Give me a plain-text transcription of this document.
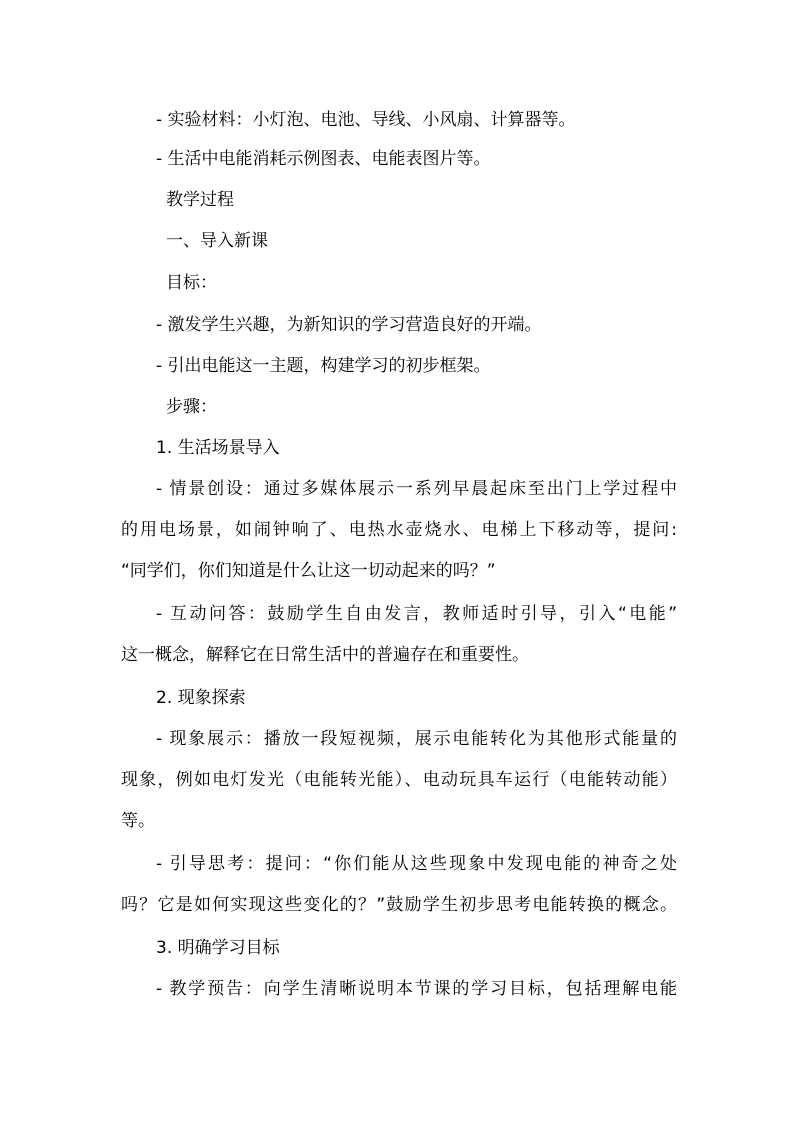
- 实验材料：小灯泡、电池、导线、小风扇、计算器等。
- 生活中电能消耗示例图表、电能表图片等。
教学过程
一、导入新课
目标：
- 激发学生兴趣，为新知识的学习营造良好的开端。
- 引出电能这一主题，构建学习的初步框架。
步骤：
1. 生活场景导入
- 情景创设：通过多媒体展示一系列早晨起床至出门上学过程中
的用电场景，如闹钟响了、电热水壶烧水、电梯上下移动等，提问:
“同学们，你们知道是什么让这一切动起来的吗？”
- 互动问答：鼓励学生自由发言，教师适时引导，引入“电能”
这一概念，解释它在日常生活中的普遍存在和重要性。
2. 现象探索
- 现象展示：播放一段短视频，展示电能转化为其他形式能量的
现象，例如电灯发光（电能转光能）、电动玩具车运行（电能转动能）
等。
- 引导思考：提问：“你们能从这些现象中发现电能的神奇之处
吗？它是如何实现这些变化的？”鼓励学生初步思考电能转换的概念。
3. 明确学习目标
- 教学预告：向学生清晰说明本节课的学习目标，包括理解电能
